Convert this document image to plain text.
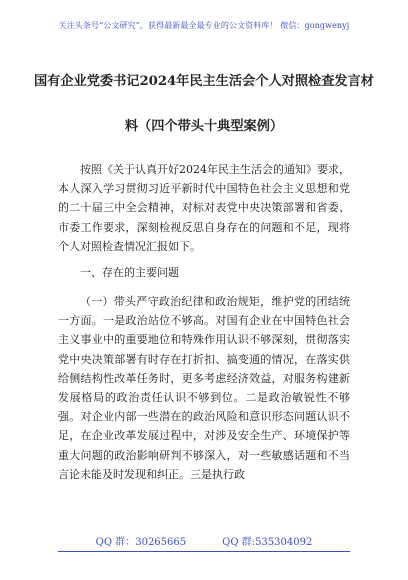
关注头条号“公文研究”，获得最新最全最专业的公文资料库！ 微信：gongwenyj
国有企业党委书记2024年民主生活会个人对照检查发言材
料（四个带头十典型案例）

按照《关于认真开好2024年民主生活会的通知》要求，本人深入学习贯彻习近平新时代中国特色社会主义思想和党的二十届三中全会精神，对标对表党中央决策部署和省委、市委工作要求，深刻检视反思自身存在的问题和不足，现将个人对照检查情况汇报如下。

一、存在的主要问题

（一）带头严守政治纪律和政治规矩，维护党的团结统一方面。一是政治站位不够高。对国有企业在中国特色社会主义事业中的重要地位和特殊作用认识不够深刻，贯彻落实党中央决策部署有时存在打折扣、搞变通的情况，在落实供给侧结构性改革任务时，更多考虑经济效益，对服务构建新发展格局的政治责任认识不够到位。二是政治敏锐性不够强。对企业内部一些潜在的政治风险和意识形态问题认识不足，在企业改革发展过程中，对涉及安全生产、环境保护等重大问题的政治影响研判不够深入，对一些敏感话题和不当言论未能及时发现和纠正。三是执行政

QQ 群：30265665	QQ 群:535304092
